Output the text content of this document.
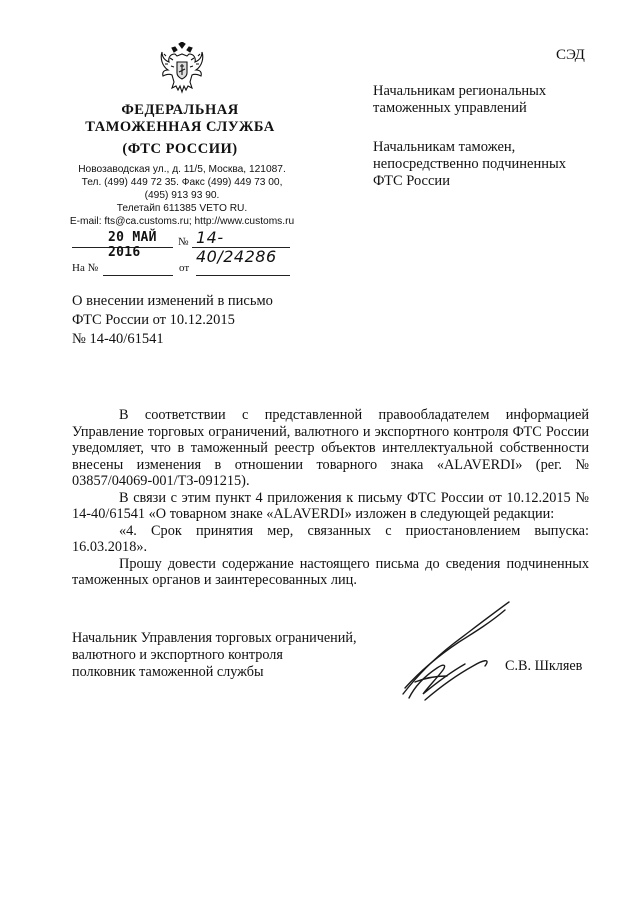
ФЕДЕРАЛЬНАЯ
ТАМОЖЕННАЯ СЛУЖБА
(ФТС РОССИИ)
Новозаводская ул., д. 11/5, Москва, 121087.
Тел. (499) 449 72 35. Факс (499) 449 73 00,
(495) 913 93 90.
Телетайп 611385 VETO RU.
E-mail: fts@ca.customs.ru; http://www.customs.ru
20 МАЙ 2016
№ 14-40/24286
На №	от
СЭД
Начальникам региональных
таможенных управлений
Начальникам таможен,
непосредственно подчиненных
ФТС России
О внесении изменений в письмо
ФТС России от 10.12.2015
№ 14-40/61541

В соответствии с представленной правообладателем информацией Управление торговых ограничений, валютного и экспортного контроля ФТС России уведомляет, что в таможенный реестр объектов интеллектуальной собственности внесены изменения в отношении товарного знака «ALAVERDI» (рег. № 03857/04069-001/ТЗ-091215).

В связи с этим пункт 4 приложения к письму ФТС России от 10.12.2015 № 14-40/61541 «О товарном знаке «ALAVERDI» изложен в следующей редакции:

«4. Срок принятия мер, связанных с приостановлением выпуска: 16.03.2018».

Прошу довести содержание настоящего письма до сведения подчиненных таможенных органов и заинтересованных лиц.

Начальник Управления торговых ограничений,
валютного и экспортного контроля
полковник таможенной службы	С.В. Шкляев
